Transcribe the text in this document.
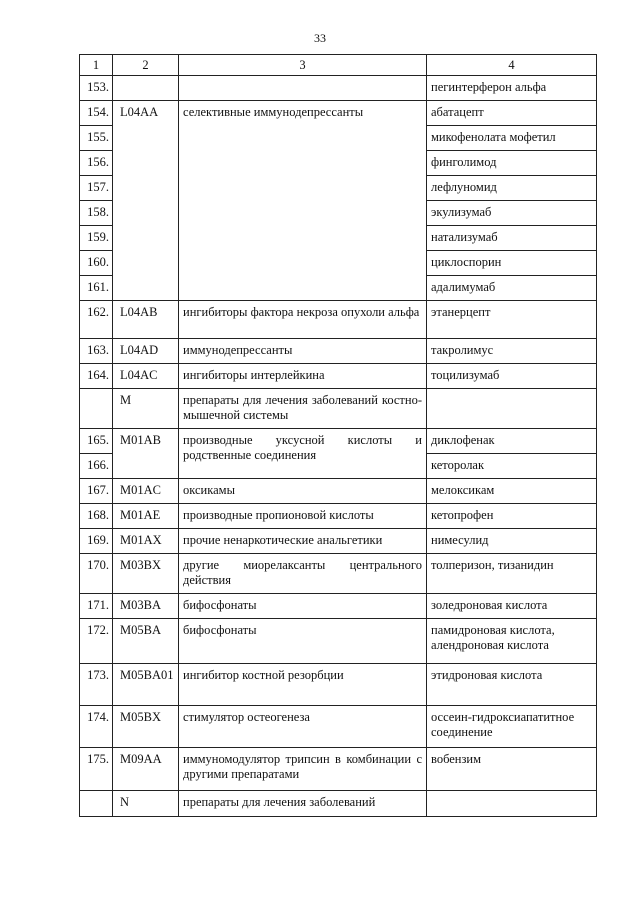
33
1	2	3	4
153.			пегинтерферон альфа
154.	L04AA	селективные иммунодепрессанты	абатацепт
155.			микофенолата мофетил
156.			финголимод
157.			лефлуномид
158.			экулизумаб
159.			натализумаб
160.			циклоспорин
161.			адалимумаб
162.	L04AB	ингибиторы фактора некроза опухоли альфа	этанерцепт
163.	L04AD	иммунодепрессанты	такролимус
164.	L04AC	ингибиторы интерлейкина	тоцилизумаб
	M	препараты для лечения заболеваний костно-мышечной системы	
165.	M01AB	производные уксусной кислоты и родственные соединения	диклофенак
166.			кеторолак
167.	M01AC	оксикамы	мелоксикам
168.	M01AE	производные пропионовой кислоты	кетопрофен
169.	M01AX	прочие ненаркотические анальгетики	нимесулид
170.	M03BX	другие миорелаксанты центрального действия	толперизон, тизанидин
171.	M03BA	бифосфонаты	золедроновая кислота
172.	M05BA	бифосфонаты	памидроновая кислота, алендроновая кислота
173.	M05BA01	ингибитор костной резорбции	этидроновая кислота
174.	M05BX	стимулятор остеогенеза	оссеин-гидроксиапатитное соединение
175.	M09AA	иммуномодулятор трипсин в комбинации с другими препаратами	вобензим
	N	препараты для лечения заболеваний	
